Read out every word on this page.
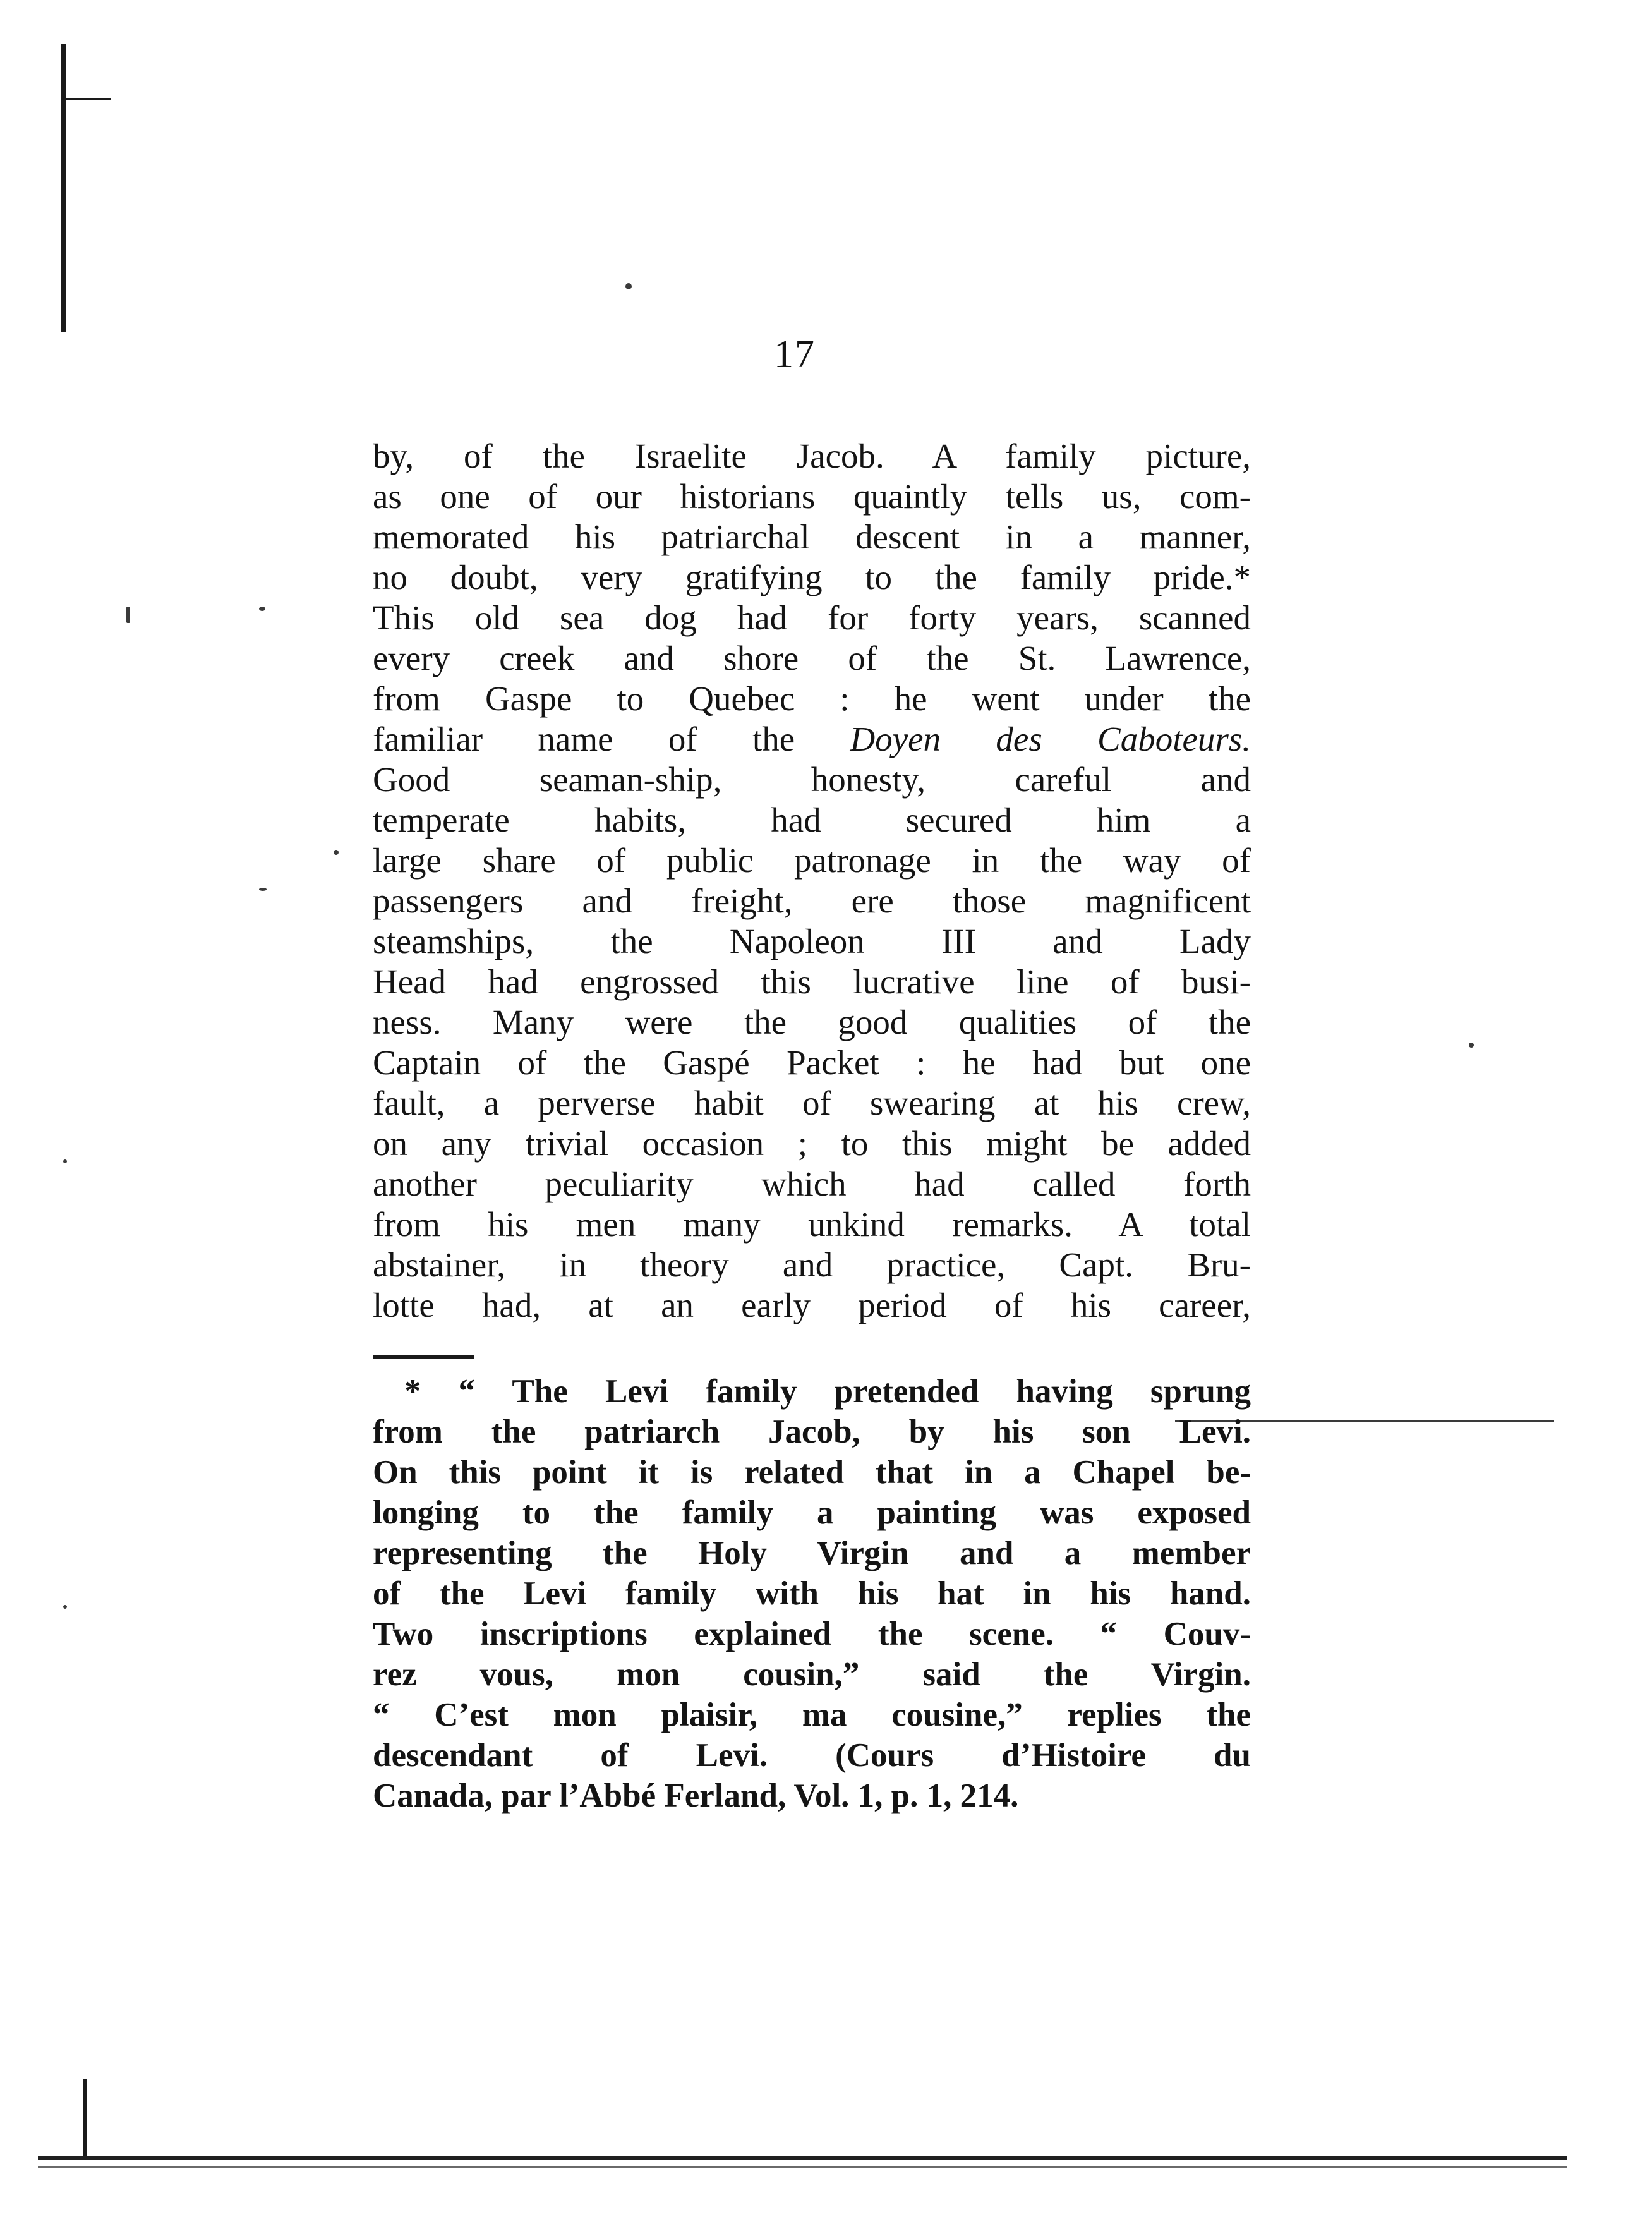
17
by, of the Israelite Jacob. A family picture,
as one of our historians quaintly tells us, com-
memorated his patriarchal descent in a manner,
no doubt, very gratifying to the family pride.*
This old sea dog had for forty years, scanned
every creek and shore of the St. Lawrence,
from Gaspe to Quebec : he went under the
familiar name of the Doyen des Caboteurs.
Good seaman-ship, honesty, careful and
temperate habits, had secured him a
large share of public patronage in the way of
passengers and freight, ere those magnificent
steamships, the Napoleon III and Lady
Head had engrossed this lucrative line of busi-
ness. Many were the good qualities of the
Captain of the Gaspé Packet : he had but one
fault, a perverse habit of swearing at his crew,
on any trivial occasion ; to this might be added
another peculiarity which had called forth
from his men many unkind remarks. A total
abstainer, in theory and practice, Capt. Bru-
lotte had, at an early period of his career,
* “ The Levi family pretended having sprung
from the patriarch Jacob, by his son Levi.
On this point it is related that in a Chapel be-
longing to the family a painting was exposed
representing the Holy Virgin and a member
of the Levi family with his hat in his hand.
Two inscriptions explained the scene. “ Couv-
rez vous, mon cousin,” said the Virgin.
“ C’est mon plaisir, ma cousine,” replies the
descendant of Levi. (Cours d’Histoire du
Canada, par l’Abbé Ferland, Vol. 1, p. 1, 214.
